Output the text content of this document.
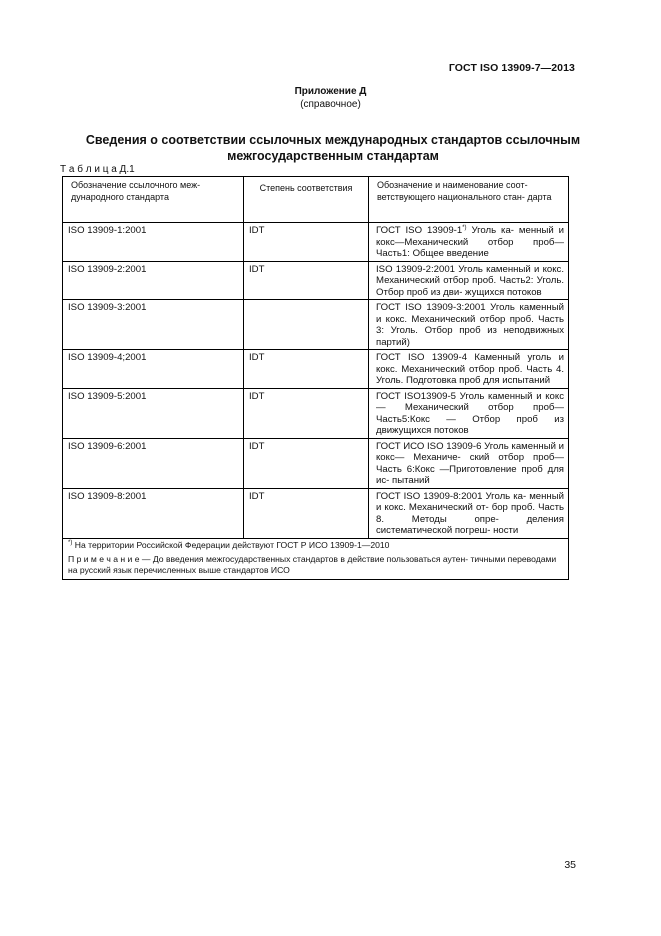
ГОСТ ISO 13909-7—2013
Приложение Д
(справочное)
Сведения о соответствии ссылочных международных стандартов ссылочным
межгосударственным стандартам
Т а б л и ц а Д.1
Обозначение ссылочного меж- дународного стандарта	Степень соответствия	Обозначение и наименование соот- ветствующего национального стан- дарта
ISO 13909-1:2001	IDT	ГОСТ ISO 13909-1*) Уголь ка- менный и кокс—Механический отбор проб—Часть1: Общее введение
ISO 13909-2:2001	IDT	ISO 13909-2:2001 Уголь каменный и кокс. Механический отбор проб. Часть2: Уголь. Отбор проб из дви- жущихся потоков
ISO 13909-3:2001		ГОСТ ISO 13909-3:2001 Уголь каменный и кокс. Механический отбор проб. Часть 3: Уголь. Отбор проб из неподвижных партий)
ISO 13909-4;2001	IDT	ГОСТ ISO 13909-4 Каменный уголь и кокс. Механический отбор проб. Часть 4. Уголь. Подготовка проб для испытаний
ISO 13909-5:2001	IDT	ГОСТ ISO13909-5 Уголь каменный и кокс— Механический отбор проб—Часть5:Кокс — Отбор проб из движущихся потоков
ISO 13909-6:2001	IDT	ГОСТ ИСО ISO 13909-6 Уголь каменный и кокс— Механиче- ский отбор проб—Часть 6:Кокс —Приготовление проб для ис- пытаний
ISO 13909-8:2001	IDT	ГОСТ ISO 13909-8:2001 Уголь ка- менный и кокс. Механический от- бор проб. Часть 8. Методы опре- деления систематической погреш- ности

*) На территории Российской Федерации действуют ГОСТ Р ИСО 13909-1—2010

П р и м е ч а н и е — До введения межгосударственных стандартов в действие пользоваться аутен- тичными переводами на русский язык перечисленных выше стандартов ИСО		

35
